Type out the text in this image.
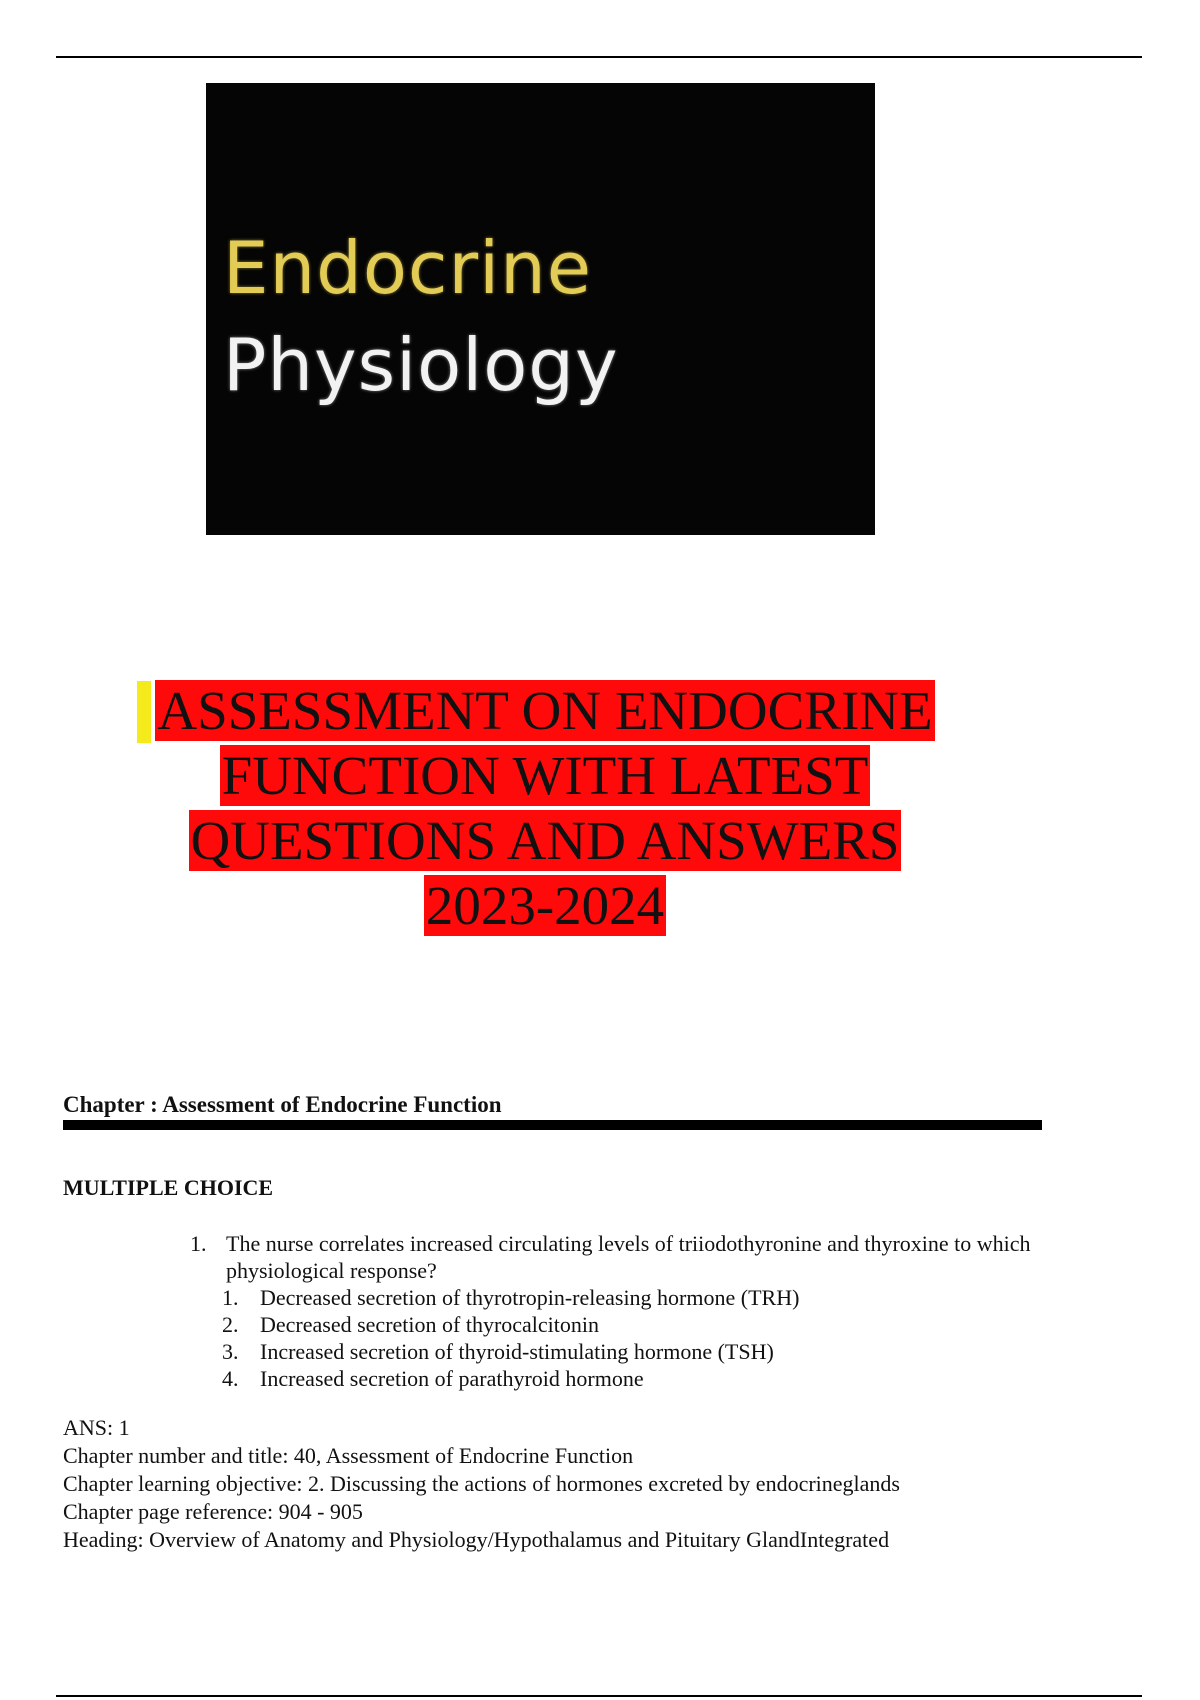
Endocrine
Physiology
ASSESSMENT ON ENDOCRINE
FUNCTION WITH LATEST
QUESTIONS AND ANSWERS
2023-2024
Chapter : Assessment of Endocrine Function
MULTIPLE CHOICE
1. The nurse correlates increased circulating levels of triiodothyronine and thyroxine to which physiological response?
1. Decreased secretion of thyrotropin-releasing hormone (TRH)
2. Decreased secretion of thyrocalcitonin
3. Increased secretion of thyroid-stimulating hormone (TSH)
4. Increased secretion of parathyroid hormone
ANS: 1
Chapter number and title: 40, Assessment of Endocrine Function
Chapter learning objective: 2. Discussing the actions of hormones excreted by endocrineglands
Chapter page reference: 904 - 905
Heading: Overview of Anatomy and Physiology/Hypothalamus and Pituitary GlandIntegrated
